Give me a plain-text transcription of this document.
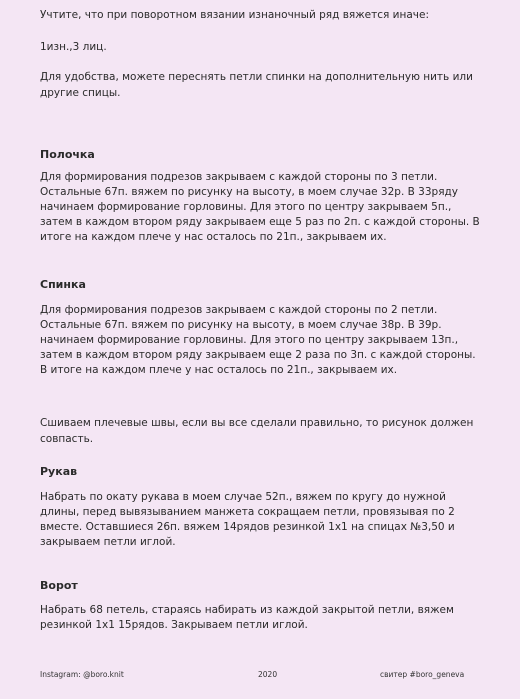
Учтите, что при поворотном вязании изнаночный ряд вяжется иначе:

1изн.,3 лиц.

Для удобства, можете переснять петли спинки на дополнительную нить или

другие спицы.

Полочка

Для формирования подрезов закрываем с каждой стороны по 3 петли.
Остальные 67п. вяжем по рисунку на высоту, в моем случае 32р. В 33ряду
начинаем формирование горловины. Для этого по центру закрываем 5п.,
затем в каждом втором ряду закрываем еще 5 раз по 2п. с каждой стороны. В
итоге на каждом плече у нас осталось по 21п., закрываем их.

Спинка

Для формирования подрезов закрываем с каждой стороны по 2 петли.
Остальные 67п. вяжем по рисунку на высоту, в моем случае 38р. В 39р.
начинаем формирование горловины. Для этого по центру закрываем 13п.,
затем в каждом втором ряду закрываем еще 2 раза по 3п. с каждой стороны.
В итоге на каждом плече у нас осталось по 21п., закрываем их.

Сшиваем плечевые швы, если вы все сделали правильно, то рисунок должен

совпасть.

Рукав

Набрать по окату рукава в моем случае 52п., вяжем по кругу до нужной
длины, перед вывязыванием манжета сокращаем петли, провязывая по 2
вместе. Оставшиеся 26п. вяжем 14рядов резинкой 1x1 на спицах №3,50 и
закрываем петли иглой.

Ворот

Набрать 68 петель, стараясь набирать из каждой закрытой петли, вяжем
резинкой 1x1 15рядов. Закрываем петли иглой.
Instagram: @boro.knit	2020	свитер #boro_geneva
